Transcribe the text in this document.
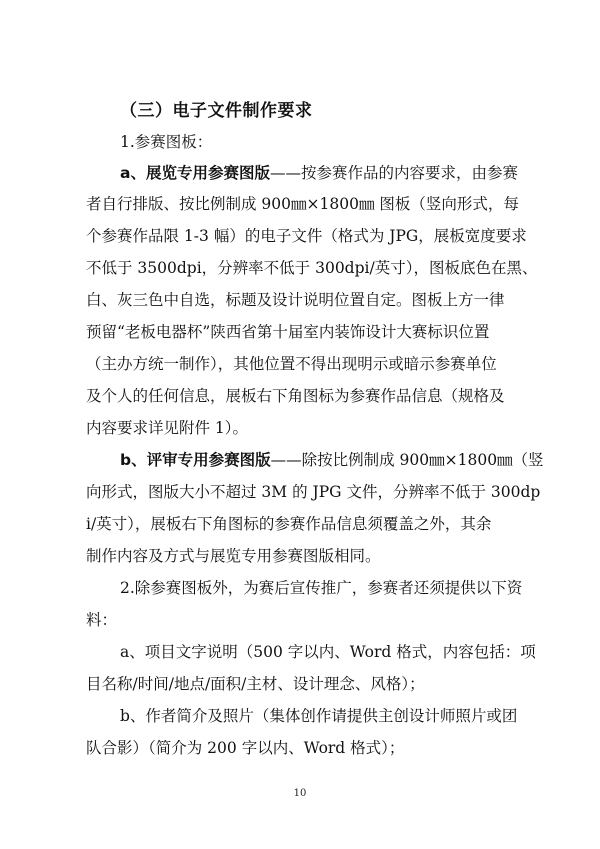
（三）电子文件制作要求
1.参赛图板：
a、展览专用参赛图版——按参赛作品的内容要求，由参赛
者自行排版、按比例制成 900㎜×1800㎜ 图板（竖向形式，每
个参赛作品限 1-3 幅）的电子文件（格式为 JPG，展板宽度要求
不低于 3500dpi，分辨率不低于 300dpi/英寸），图板底色在黑、
白、灰三色中自选，标题及设计说明位置自定。图板上方一律
预留“老板电器杯”陕西省第十届室内装饰设计大赛标识位置
（主办方统一制作），其他位置不得出现明示或暗示参赛单位
及个人的任何信息，展板右下角图标为参赛作品信息（规格及
内容要求详见附件 1）。
b、评审专用参赛图版——除按比例制成 900㎜×1800㎜（竖
向形式，图版大小不超过 3M 的 JPG 文件，分辨率不低于 300dp
i/英寸），展板右下角图标的参赛作品信息须覆盖之外，其余
制作内容及方式与展览专用参赛图版相同。
2.除参赛图板外，为赛后宣传推广，参赛者还须提供以下资
料：
a、项目文字说明（500 字以内、Word 格式，内容包括：项
目名称/时间/地点/面积/主材、设计理念、风格）；
b、作者简介及照片（集体创作请提供主创设计师照片或团
队合影）（简介为 200 字以内、Word 格式）；
10
